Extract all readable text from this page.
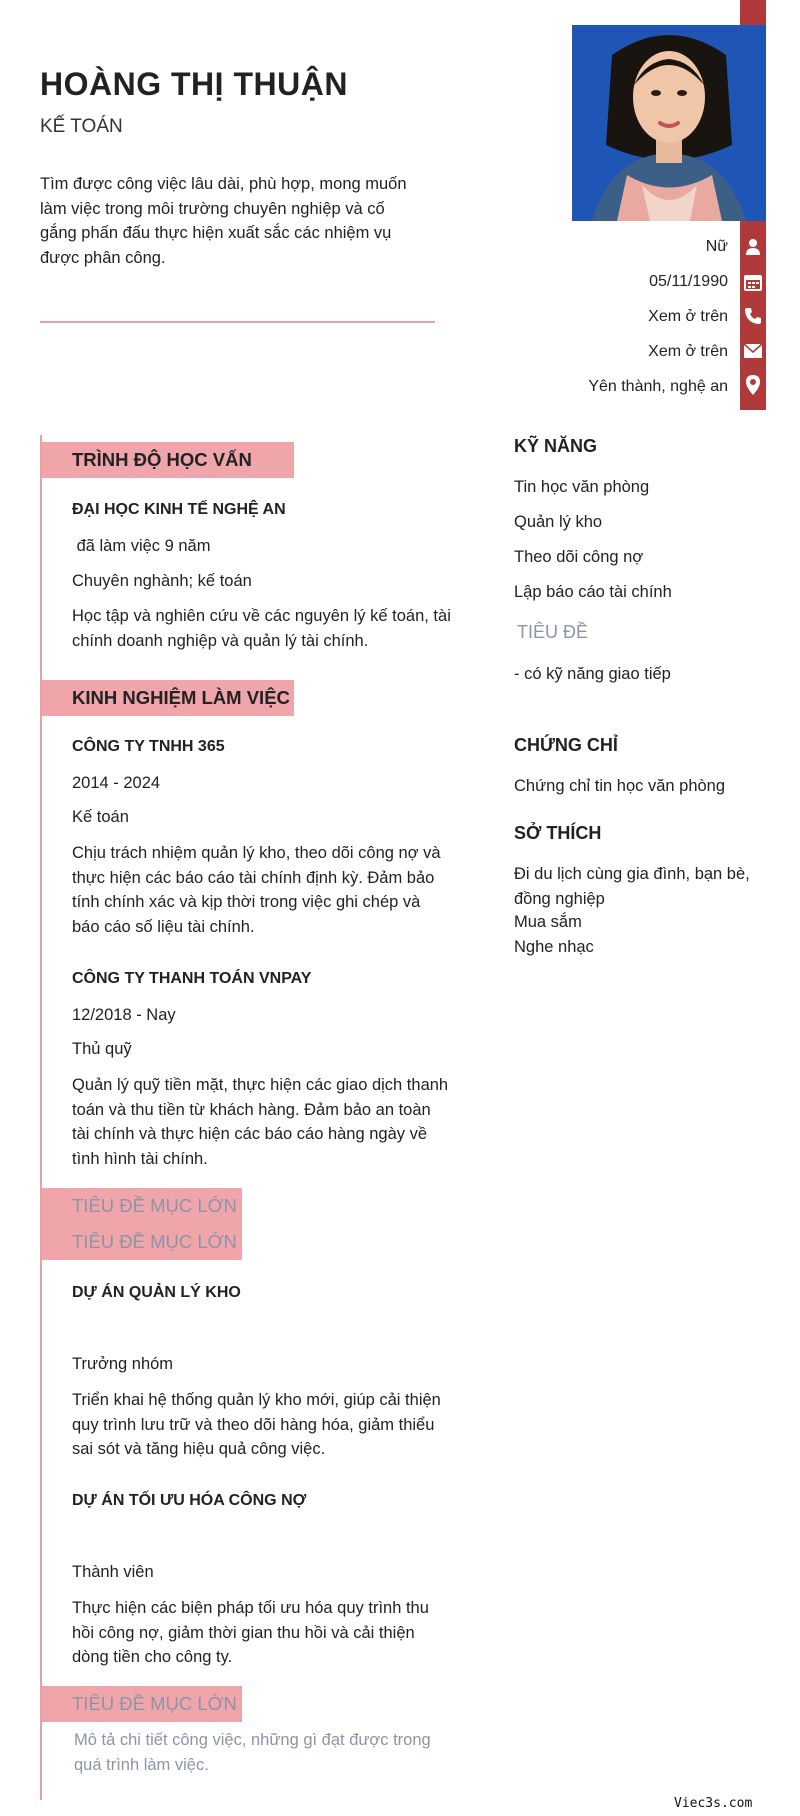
HOÀNG THỊ THUẬN
KẾ TOÁN
Tìm được công việc lâu dài, phù hợp, mong muốn làm việc trong môi trường chuyên nghiệp và cố gắng phấn đấu thực hiện xuất sắc các nhiệm vụ được phân công.
Nữ
05/11/1990
Xem ở trên
Xem ở trên
Yên thành, nghệ an
TRÌNH ĐỘ HỌC VẤN
ĐẠI HỌC KINH TẾ NGHỆ AN
đã làm việc 9 năm
Chuyên nghành; kế toán
Học tập và nghiên cứu về các nguyên lý kế toán, tài chính doanh nghiệp và quản lý tài chính.
KINH NGHIỆM LÀM VIỆC
CÔNG TY TNHH 365
2014 - 2024
Kế toán
Chịu trách nhiệm quản lý kho, theo dõi công nợ và thực hiện các báo cáo tài chính định kỳ. Đảm bảo tính chính xác và kịp thời trong việc ghi chép và báo cáo số liệu tài chính.
CÔNG TY THANH TOÁN VNPAY
12/2018 - Nay
Thủ quỹ
Quản lý quỹ tiền mặt, thực hiện các giao dịch thanh toán và thu tiền từ khách hàng. Đảm bảo an toàn tài chính và thực hiện các báo cáo hàng ngày về tình hình tài chính.
TIÊU ĐỀ MỤC LỚN
TIÊU ĐỀ MỤC LỚN
DỰ ÁN QUẢN LÝ KHO
Trưởng nhóm
Triển khai hệ thống quản lý kho mới, giúp cải thiện quy trình lưu trữ và theo dõi hàng hóa, giảm thiểu sai sót và tăng hiệu quả công việc.
DỰ ÁN TỐI ƯU HÓA CÔNG NỢ
Thành viên
Thực hiện các biện pháp tối ưu hóa quy trình thu hồi công nợ, giảm thời gian thu hồi và cải thiện dòng tiền cho công ty.
TIÊU ĐỀ MỤC LỚN
Mô tả chi tiết công việc, những gì đạt được trong quá trình làm việc.
KỸ NĂNG
Tin học văn phòng
Quản lý kho
Theo dõi công nợ
Lập báo cáo tài chính
TIÊU ĐỀ
- có kỹ năng giao tiếp
CHỨNG CHỈ
Chứng chỉ tin học văn phòng
SỞ THÍCH
Đi du lịch cùng gia đình, bạn bè, đồng nghiệp
Mua sắm
Nghe nhạc
Viec3s.com
